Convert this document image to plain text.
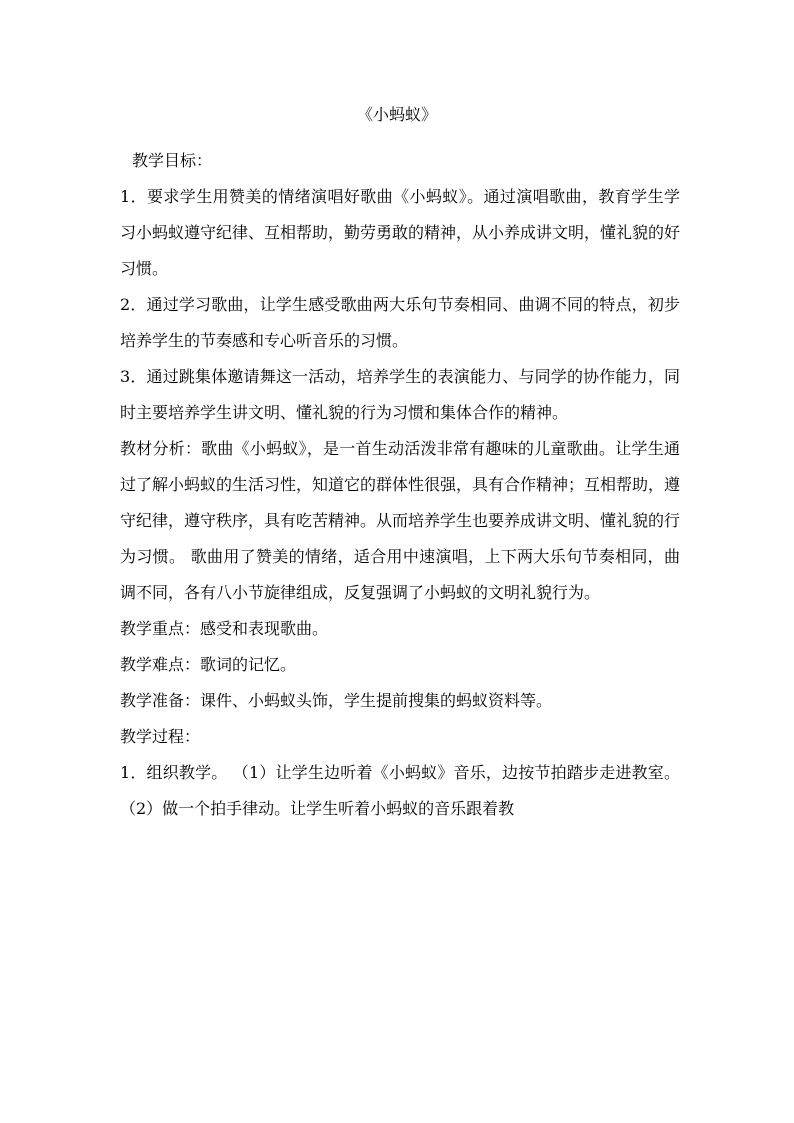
《小蚂蚁》

教学目标：

1．要求学生用赞美的情绪演唱好歌曲《小蚂蚁》。通过演唱歌曲，教育学生学习小蚂蚁遵守纪律、互相帮助，勤劳勇敢的精神，从小养成讲文明，懂礼貌的好习惯。

2．通过学习歌曲，让学生感受歌曲两大乐句节奏相同、曲调不同的特点，初步培养学生的节奏感和专心听音乐的习惯。

3．通过跳集体邀请舞这一活动，培养学生的表演能力、与同学的协作能力，同时主要培养学生讲文明、懂礼貌的行为习惯和集体合作的精神。

教材分析：歌曲《小蚂蚁》，是一首生动活泼非常有趣味的儿童歌曲。让学生通过了解小蚂蚁的生活习性，知道它的群体性很强，具有合作精神；互相帮助，遵守纪律，遵守秩序，具有吃苦精神。从而培养学生也要养成讲文明、懂礼貌的行为习惯。 歌曲用了赞美的情绪，适合用中速演唱，上下两大乐句节奏相同，曲调不同，各有八小节旋律组成，反复强调了小蚂蚁的文明礼貌行为。

教学重点：感受和表现歌曲。

教学难点：歌词的记忆。

教学准备：课件、小蚂蚁头饰，学生提前搜集的蚂蚁资料等。

教学过程：

1．组织教学。 （1）让学生边听着《小蚂蚁》音乐，边按节拍踏步走进教室。 （2）做一个拍手律动。让学生听着小蚂蚁的音乐跟着教
